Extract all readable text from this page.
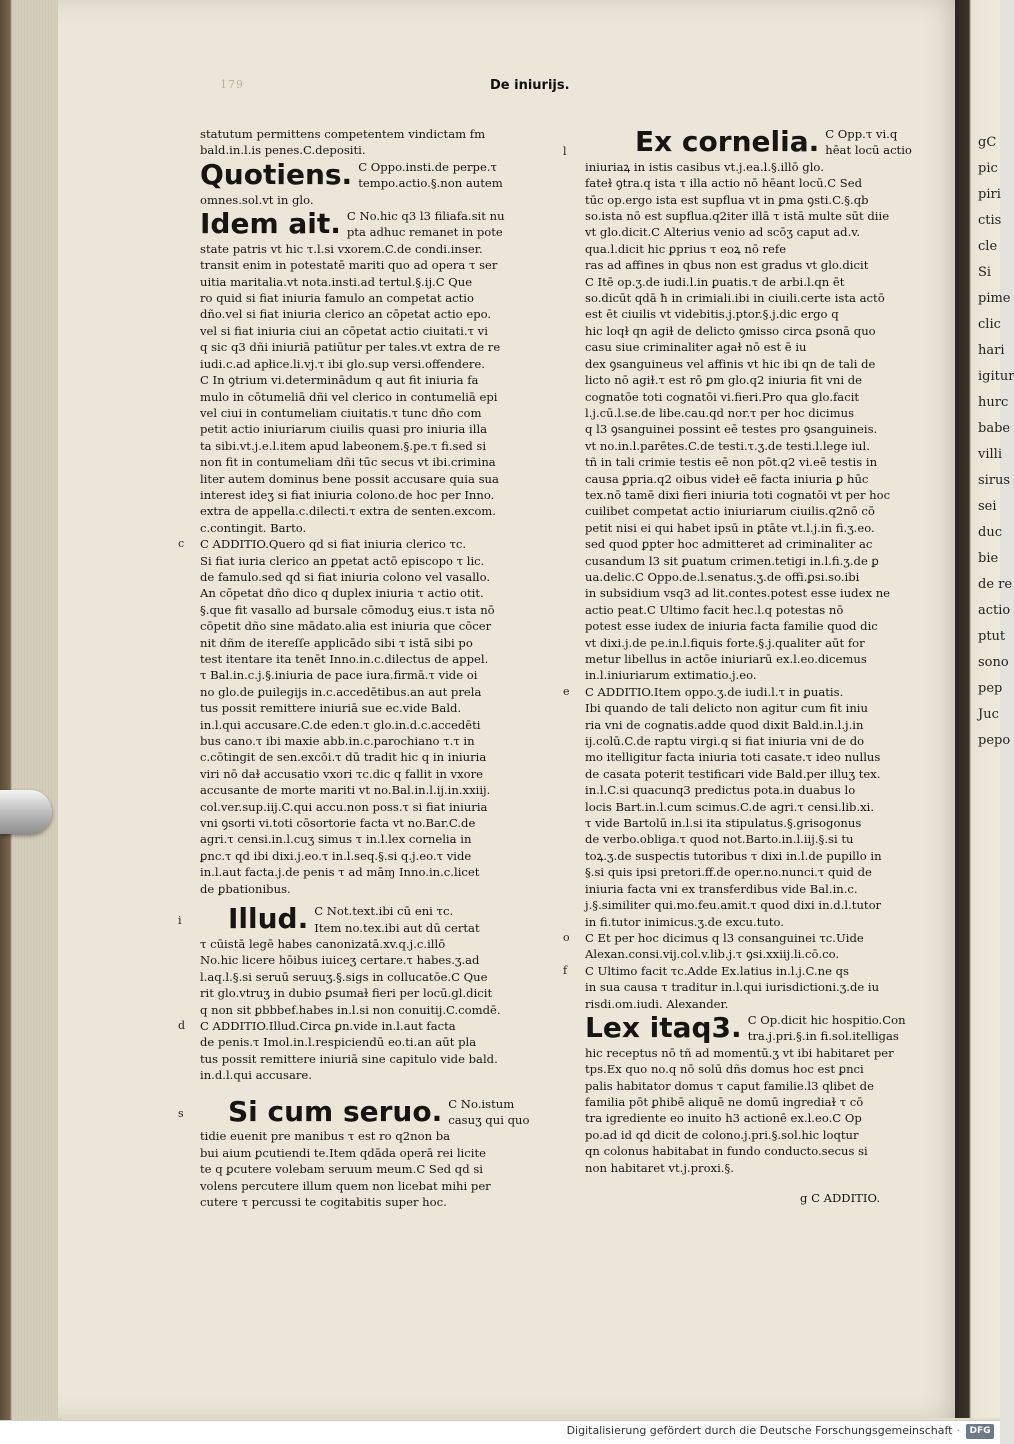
gC
pic
piri
ctis
cle
Si
pime
clic
hari
igitur
hurc
babe
villi
sirus
sei
duc
bie
de re
actio
ptut
sono
pep
Juc
pepo
179	De iniurijs.
statutum permittens competentem vindictam fm
bald.in.l.is penes.C.depositi.
Quotiens. C Oppo.insti.de perpe.τ
tempo.actio.§.non autem
omnes.sol.vt in glo.
Idem ait. C No.hic q3 l3 filiafa.sit nu
pta adhuc remanet in pote
state patris vt hic τ.l.si vxorem.C.de condi.inser.
transit enim in potestatē mariti quo ad opera τ ser
uitia maritalia.vt nota.insti.ad tertul.§.ij.C Que
ro quid si fiat iniuria famulo an competat actio
dño.vel si fiat iniuria clerico an cōpetat actio epo.
vel si fiat iniuria ciui an cōpetat actio ciuitati.τ vi
q sic q3 dñi iniuriā patiūtur per tales.vt extra de re
iudi.c.ad apłice.li.vj.τ ibi glo.sup versi.offendere.
C In ꝯtrium vi.determinādum q aut fit iniuria fa
mulo in cōtumeliā dñi vel clerico in contumeliā epi
vel ciui in contumeliam ciuitatis.τ tunc dño com
petit actio iniuriarum ciuilis quasi pro iniuria illa
ta sibi.vt.j.e.l.item apud labeonem.§.pe.τ fi.sed si
non fit in contumeliam dñi tūc secus vt ibi.crimina
liter autem dominus bene possit accusare quia sua
interest ideʒ si fiat iniuria colono.de hoc per Inno.
extra de appella.c.dilecti.τ extra de senten.excom.
c.contingit. Barto.
c C ADDITIO.Quero qd si fiat iniuria clerico τc.
Si fiat iuria clerico an ꝑpetat actō episcopo τ lic.
de famulo.sed qd si fiat iniuria colono vel vasallo.
An cōpetat dño dico q duplex iniuria τ actio otit.
§.que fit vasallo ad bursale cōmoduʒ eius.τ ista nō
cōpetit dño sine mādato.alia est iniuria que cōcer
nit dñm de itereſſe applicādo sibi τ istā sibi po
test itentare ita tenēt Inno.in.c.dilectus de appel.
τ Bal.in.c.j.§.iniuria de pace iura.firmā.τ vide oi
no glo.de ꝑuilegijs in.c.accedētibus.an aut prela
tus possit remittere iniuriā sue ec.vide Bald.
in.l.qui accusare.C.de eden.τ glo.in.d.c.accedēti
bus cano.τ ibi maxie abb.in.c.parochiano τ.τ in
c.cōtingit de sen.excōi.τ dū tradit hic q in iniuria
viri nō daɫ accusatio vxori τc.dic q fallit in vxore
accusante de morte mariti vt no.Bal.in.l.ij.in.xxiij.
col.ver.sup.iij.C.qui accu.non poss.τ si fiat iniuria
vni ꝯsorti vi.toti cōsortorie facta vt no.Bar.C.de
agri.τ censi.in.l.cuʒ simus τ in.l.lex cornelia in
ꝑnc.τ qd ibi dixi.j.eo.τ in.l.seq.§.si q.j.eo.τ vide
in.l.aut facta.j.de penis τ ad māɱ Inno.in.c.licet
de ꝑbationibus.
i Illud. C Not.text.ibi cū eni τc.
Item no.tex.ibi aut dū certat
τ cūistā legē habes canonizatā.xv.q.j.c.illō
No.hic licere hōibus iuiceʒ certare.τ habes.ʒ.ad
l.aq.l.§.si seruū seruuʒ.§.sigs in collucatōe.C Que
rit glo.vtruʒ in dubio ꝑsumaɫ fieri per locū.gl.dicit
q non sit ꝑbbbef.habes in.l.si non conuitij.C.comdē.
d C ADDITIO.Illud.Circa ꝑn.vide in.l.aut facta
de penis.τ Imol.in.l.respiciendū eo.ti.an aūt pla
tus possit remittere iniuriā sine capitulo vide bald.
in.d.l.qui accusare.
s Si cum seruo. C No.istum
casuʒ qui quo
tidie euenit pre manibus τ est ro q2non ba
bui aium ꝑcutiendi te.Item qdāda operā rei licite
te q ꝑcutere volebam seruum meum.C Sed qd si
volens percutere illum quem non licebat mihi per
cutere τ percussi te cogitabitis super hoc.
l Ex cornelia. C Opp.τ vi.q
hēat locū actio
iniuriaꝝ in istis casibus vt.j.ea.l.§.illō glo.
fateɫ ꝯtra.q ista τ illa actio nō hēant locū.C Sed
tūc op.ergo ista est supflua vt in ꝑma ꝯsti.C.§.qb
so.ista nō est supflua.q2iter illā τ istā multe sūt diie
vt glo.dicit.C Alterius venio ad scōʒ caput ad.v.
qua.l.dicit hic ꝑprius τ eoꝝ nō refe
ras ad affines in qbus non est gradus vt glo.dicit
C Itē op.ʒ.de iudi.l.in ꝑuatis.τ de arbi.l.qn ēt
so.dicūt qdā ħ in crimiali.ibi in ciuili.certe ista actō
est ēt ciuilis vt videbitis.j.ptor.§.j.dic ergo q
hic loqɫ qn agiɫ de delicto ꝯmisso circa ꝑsonā quo
casu siue criminaliter agaɫ nō est ē iu
dex ꝯsanguineus vel affinis vt hic ibi qn de tali de
licto nō agiɫ.τ est rō ꝑm glo.q2 iniuria fit vni de
cognatōe toti cognatōi vi.fieri.Pro qua glo.facit
l.j.cū.l.se.de libe.cau.qd nor.τ per hoc dicimus
q l3 ꝯsanguinei possint eē testes pro ꝯsanguineis.
vt no.in.l.parētes.C.de testi.τ.ʒ.de testi.l.lege iul.
tñ in tali crimie testis eē non pōt.q2 vi.eē testis in
causa ꝑpria.q2 oibus videɫ eē facta iniuria ꝑ hūc
tex.nō tamē dixi fieri iniuria toti cognatōi vt per hoc
cuilibet competat actio iniuriarum ciuilis.q2nō cō
petit nisi ei qui habet ipsū in ꝑtāte vt.l.j.in fi.ʒ.eo.
sed quod ꝑpter hoc admitteret ad criminaliter ac
cusandum l3 sit ꝑuatum crimen.tetigi in.l.fi.ʒ.de ꝑ
ua.delic.C Oppo.de.l.senatus.ʒ.de offi.ꝑsi.so.ibi
in subsidium vsq3 ad lit.contes.potest esse iudex ne
actio peat.C Ultimo facit hec.l.q potestas nō
potest esse iudex de iniuria facta familie quod dic
vt dixi.j.de pe.in.l.fiquis forte.§.j.qualiter aūt for
metur libellus in actōe iniuriarū ex.l.eo.dicemus
in.l.iniuriarum extimatio.j.eo.
e C ADDITIO.Item oppo.ʒ.de iudi.l.τ in ꝑuatis.
Ibi quando de tali delicto non agitur cum fit iniu
ria vni de cognatis.adde quod dixit Bald.in.l.j.in
ij.colū.C.de raptu virgi.q si fiat iniuria vni de do
mo itelligitur facta iniuria toti casate.τ ideo nullus
de casata poterit testificari vide Bald.per illuʒ tex.
in.l.C.si quacunq3 predictus pota.in duabus lo
locis Bart.in.l.cum scimus.C.de agri.τ censi.lib.xi.
τ vide Bartolū in.l.si ita stipulatus.§.grisogonus
de verbo.obliga.τ quod not.Barto.in.l.iij.§.si tu
toꝝ.ʒ.de suspectis tutoribus τ dixi in.l.de pupillo in
§.si quis ipsi pretori.ff.de oper.no.nunci.τ quid de
iniuria facta vni ex transferdibus vide Bal.in.c.
j.§.similiter qui.mo.feu.amit.τ quod dixi in.d.l.tutor
in fi.tutor inimicus.ʒ.de excu.tuto.
o C Et per hoc dicimus q l3 consanguinei τc.Uide
Alexan.consi.vij.col.v.lib.j.τ ꝯsi.xxiij.li.cō.co.
f C Ultimo facit τc.Adde Ex.latius in.l.j.C.ne qs
in sua causa τ traditur in.l.qui iurisdictioni.ʒ.de iu
risdi.om.iudi. Alexander.
Lex itaq3. C Op.dicit hic hospitio.Con
tra.j.pri.§.in fi.sol.itelligas
hic receptus nō tñ ad momentū.ʒ vt ibi habitaret per
tps.Ex quo no.q nō solū dñs domus hoc est ꝑnci
palis habitator domus τ caput familie.l3 qlibet de
familia pōt ꝑhibē aliquē ne domū ingrediaɫ τ cō
tra igrediente eo inuito h3 actionē ex.l.eo.C Op
po.ad id qd dicit de colono.j.pri.§.sol.hic loqtur
qn colonus habitabat in fundo conducto.secus si
non habitaret vt.j.proxi.§.
g C ADDITIO.
Digitalisierung gefördert durch die Deutsche Forschungsgemeinschaft ·	DFG
